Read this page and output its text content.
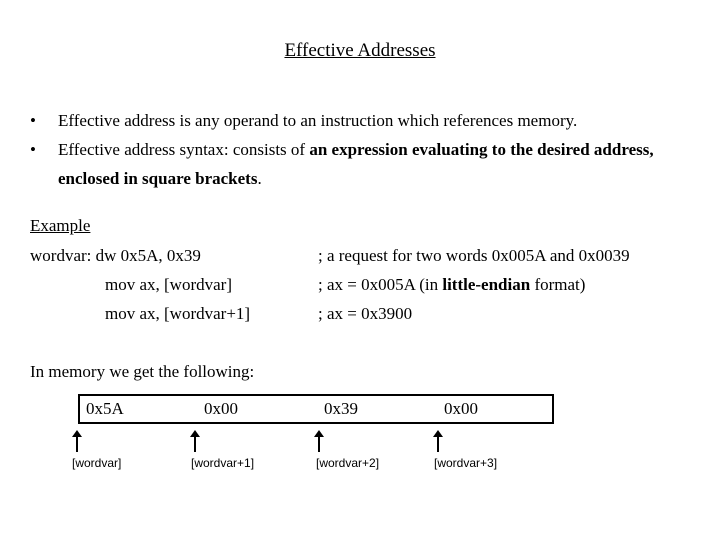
Effective Addresses
• Effective address is any operand to an instruction which references memory.
• Effective address syntax: consists of an expression evaluating to the desired address, enclosed in square brackets.
Example
wordvar: dw 0x5A, 0x39	; a request for two words 0x005A and 0x0039
mov ax, [wordvar]	; ax = 0x005A (in little-endian format)
mov ax, [wordvar+1]	; ax = 0x3900
In memory we get the following:
0x5A	0x00	0x39	0x00
[wordvar]	[wordvar+1]	[wordvar+2]	[wordvar+3]
